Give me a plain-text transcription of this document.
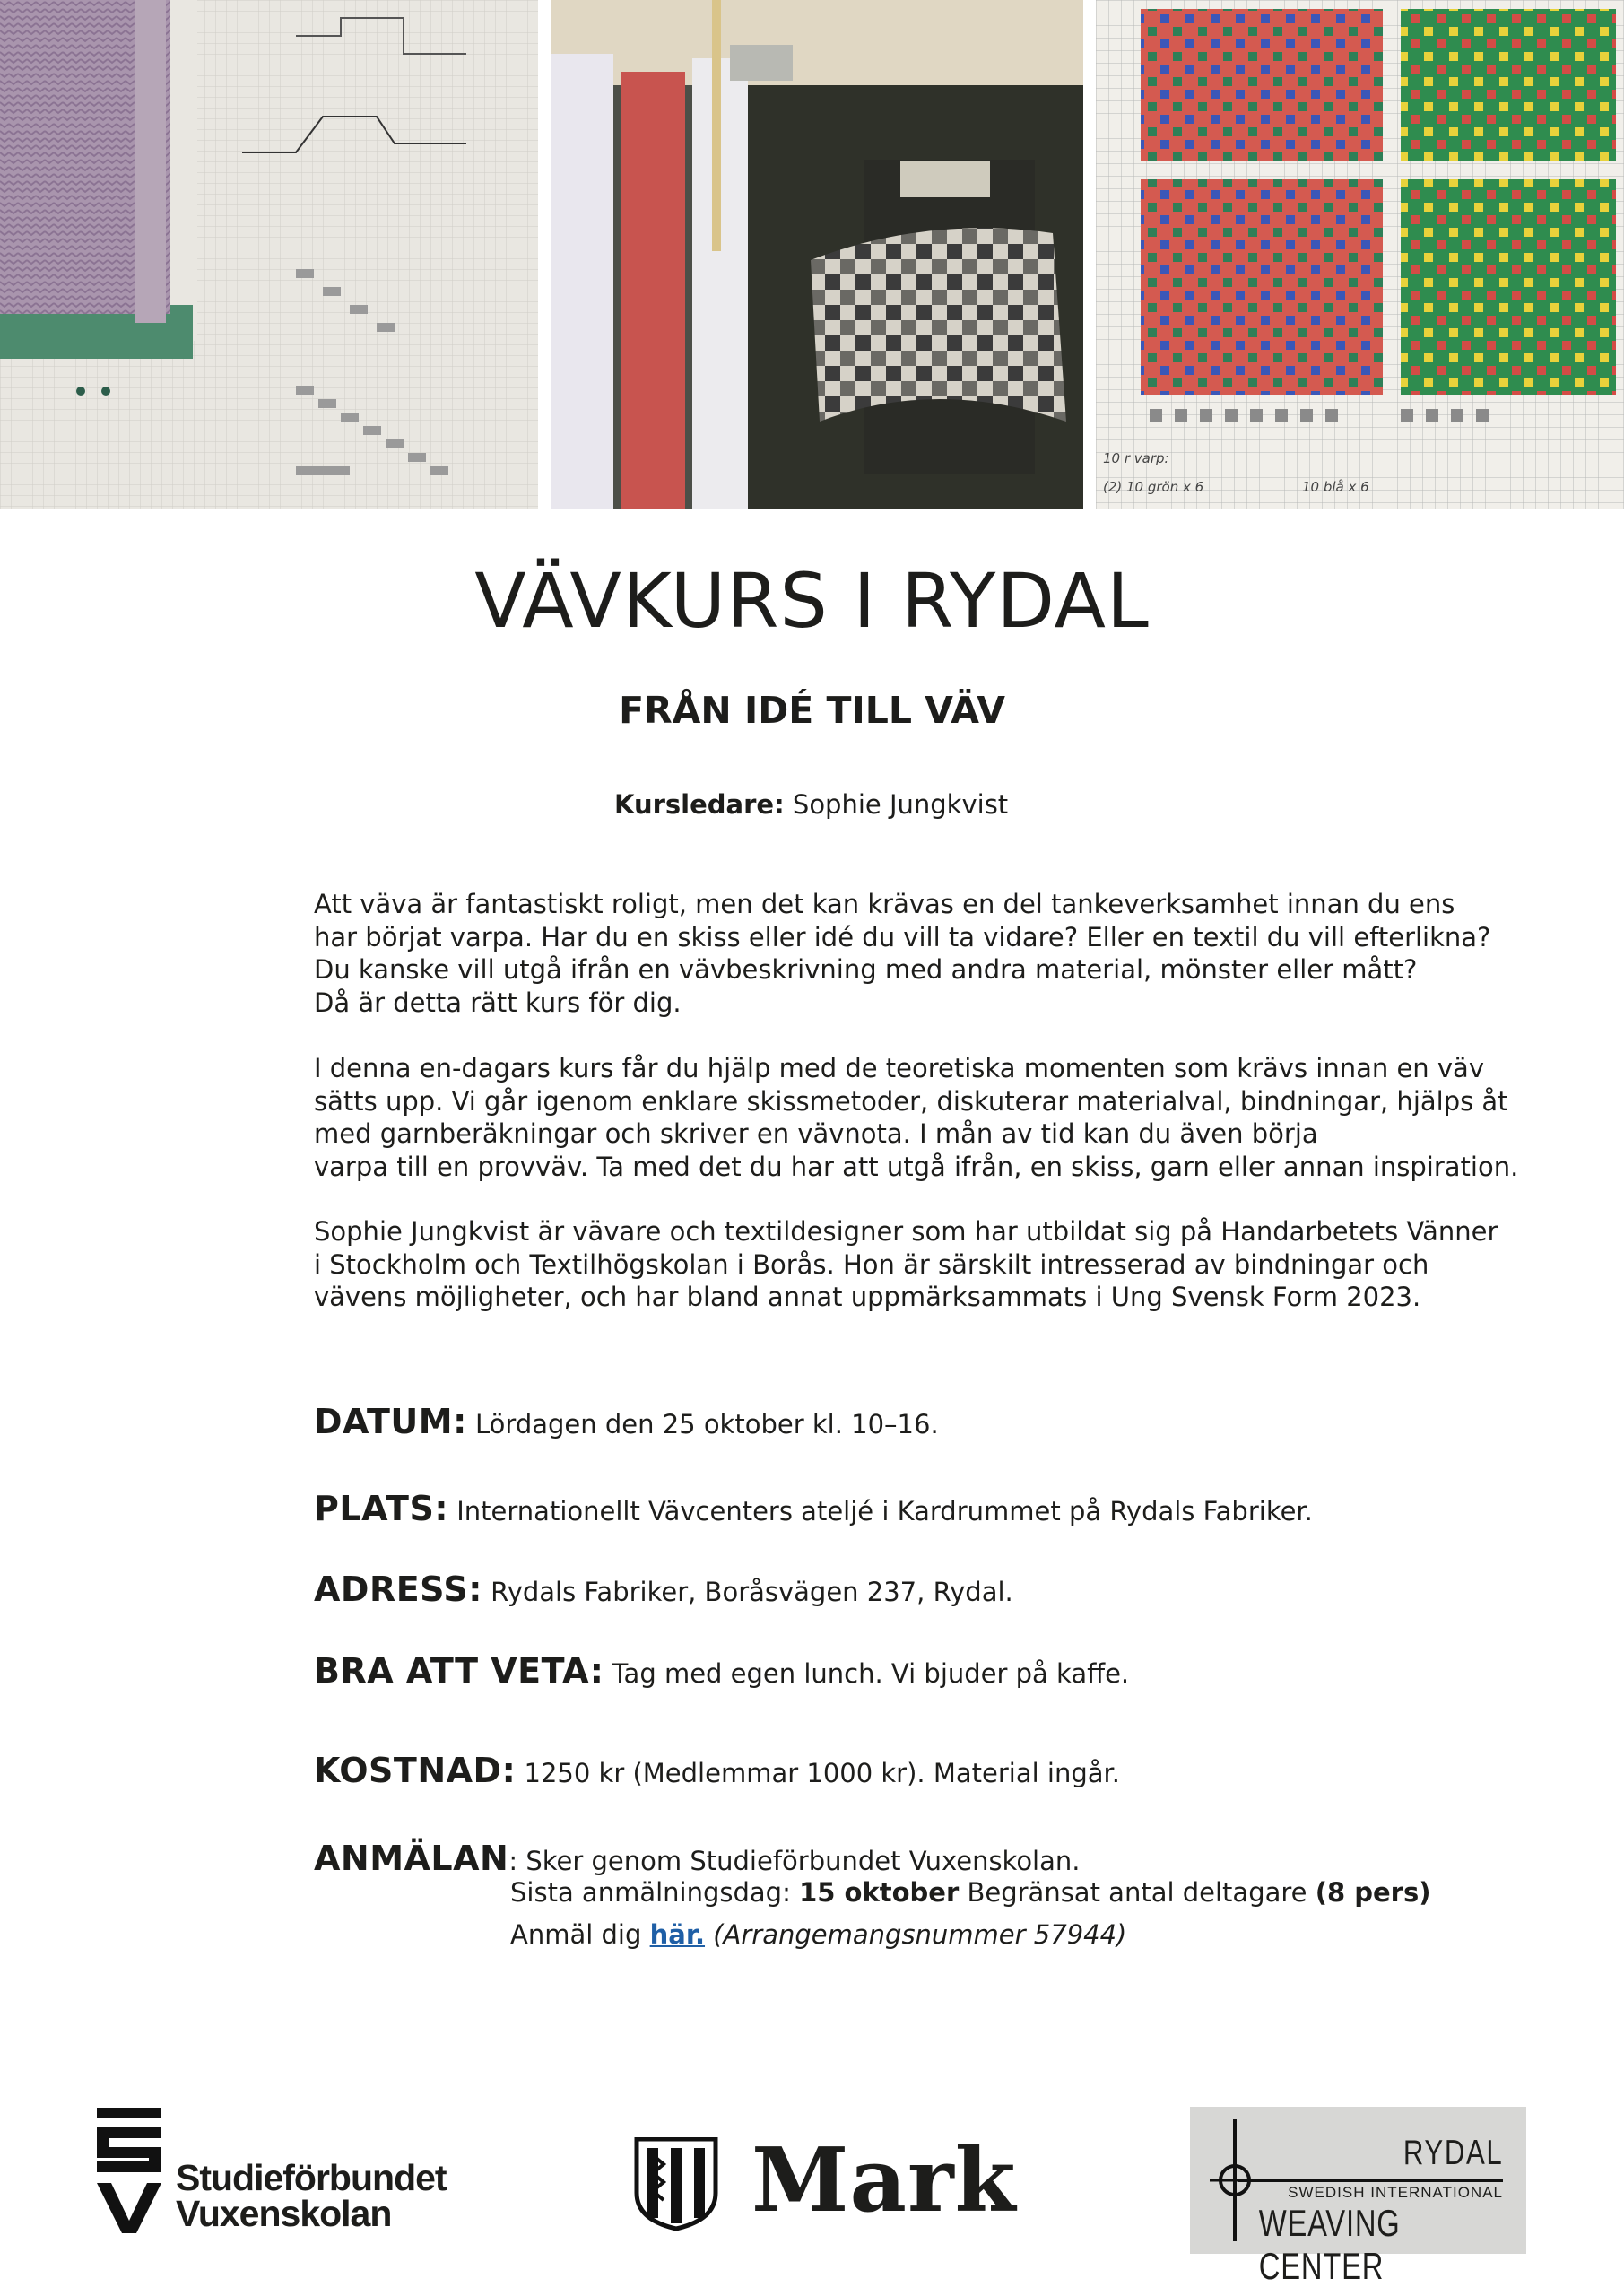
10 r varp:
(2) 10 grön x 6	10 blå x 6
VÄVKURS I RYDAL
FRÅN IDÉ TILL VÄV
Kursledare: Sophie Jungkvist
Att väva är fantastiskt roligt, men det kan krävas en del tankeverksamhet innan du ens
har börjat varpa. Har du en skiss eller idé du vill ta vidare? Eller en textil du vill efterlikna?
Du kanske vill utgå ifrån en vävbeskrivning med andra material, mönster eller mått?
Då är detta rätt kurs för dig.
I denna en-dagars kurs får du hjälp med de teoretiska momenten som krävs innan en väv
sätts upp. Vi går igenom enklare skissmetoder, diskuterar materialval, bindningar, hjälps åt
med garnberäkningar och skriver en vävnota. I mån av tid kan du även börja
varpa till en provväv. Ta med det du har att utgå ifrån, en skiss, garn eller annan inspiration.
Sophie Jungkvist är vävare och textildesigner som har utbildat sig på Handarbetets Vänner
i Stockholm och Textilhögskolan i Borås. Hon är särskilt intresserad av bindningar och
vävens möjligheter, och har bland annat uppmärksammats i Ung Svensk Form 2023.
DATUM: Lördagen den 25 oktober kl. 10–16.
PLATS: Internationellt Vävcenters ateljé i Kardrummet på Rydals Fabriker.
ADRESS: Rydals Fabriker, Boråsvägen 237, Rydal.
BRA ATT VETA: Tag med egen lunch. Vi bjuder på kaffe.
KOSTNAD: 1250 kr (Medlemmar 1000 kr). Material ingår.
ANMÄLAN: Sker genom Studieförbundet Vuxenskolan.
Sista anmälningsdag: 15 oktober Begränsat antal deltagare (8 pers)
Anmäl dig här. (Arrangemangsnummer 57944)
Studieförbundet
Vuxenskolan	Mark	RYDAL
SWEDISH INTERNATIONAL
WEAVING CENTER
